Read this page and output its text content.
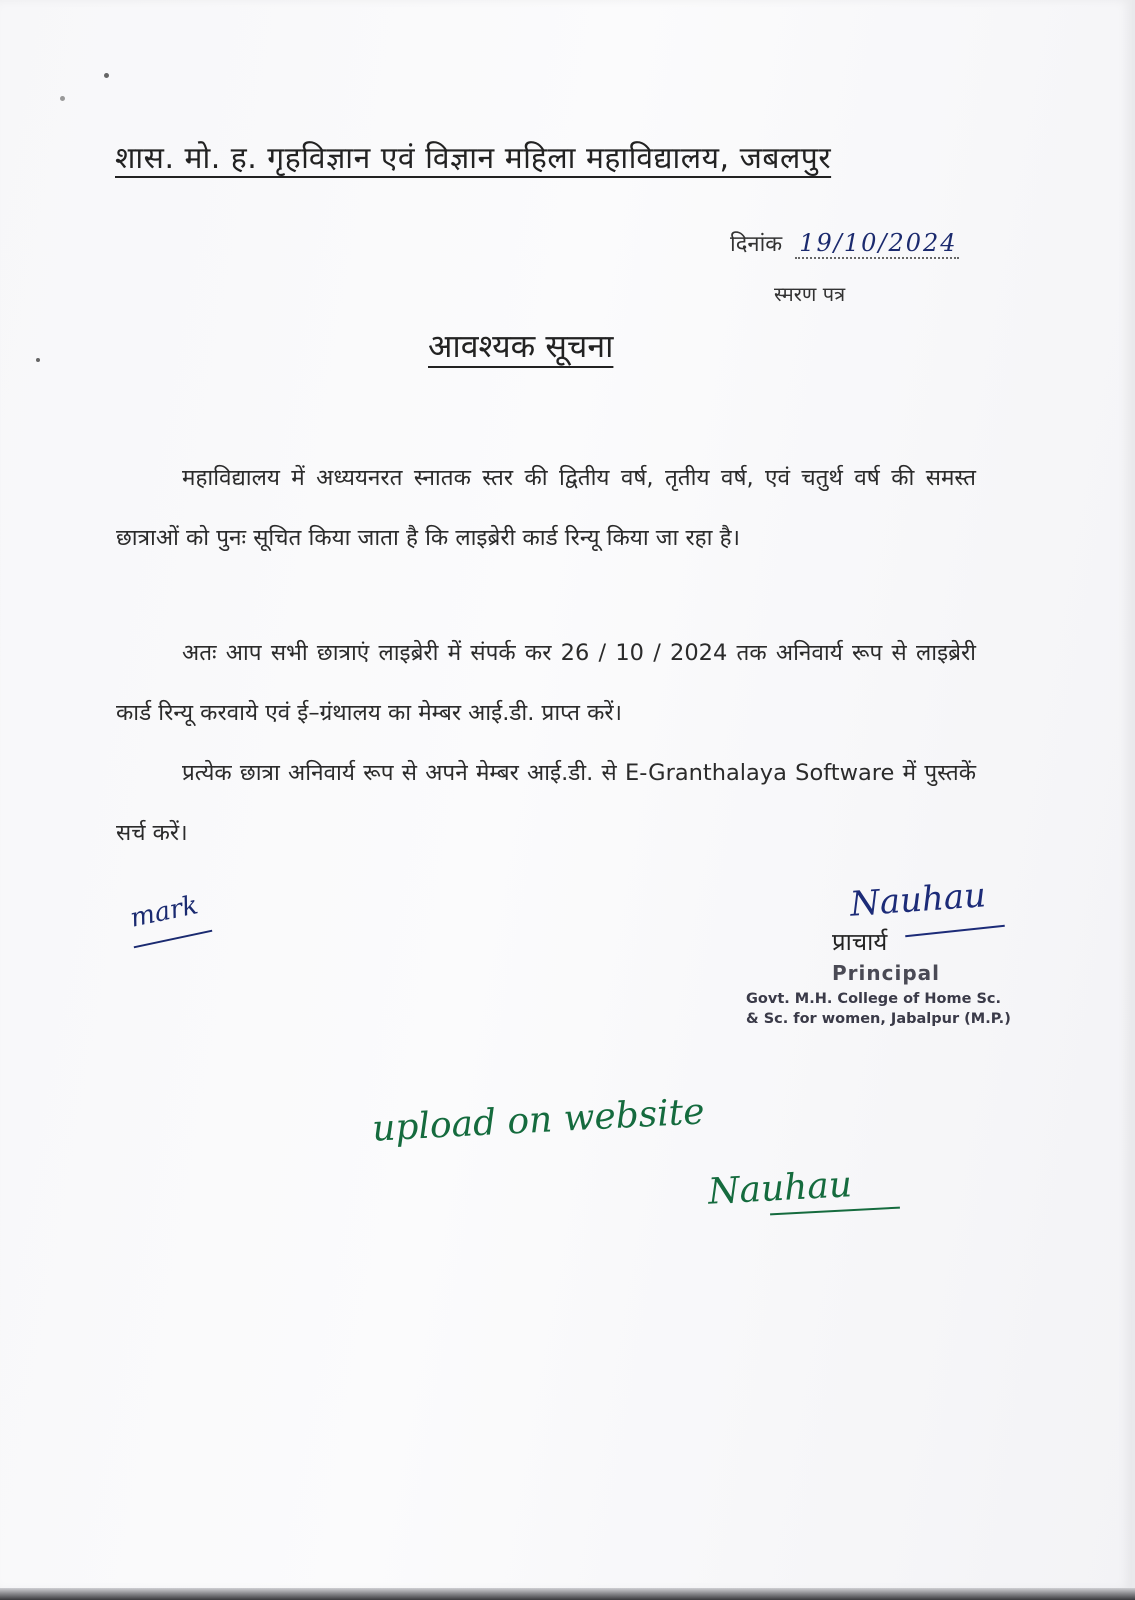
शास. मो. ह. गृहविज्ञान एवं विज्ञान महिला महाविद्यालय, जबलपुर
दिनांक 19/10/2024
स्मरण पत्र
आवश्यक सूचना

महाविद्यालय में अध्ययनरत स्नातक स्तर की द्वितीय वर्ष, तृतीय वर्ष, एवं चतुर्थ वर्ष की समस्त छात्राओं को पुनः सूचित किया जाता है कि लाइब्रेरी कार्ड रिन्यू किया जा रहा है।

अतः आप सभी छात्राएं लाइब्रेरी में संपर्क कर 26 / 10 / 2024 तक अनिवार्य रूप से लाइब्रेरी कार्ड रिन्यू करवाये एवं ई–ग्रंथालय का मेम्बर आई.डी. प्राप्त करें।

प्रत्येक छात्रा अनिवार्य रूप से अपने मेम्बर आई.डी. से E-Granthalaya Software में पुस्तकें सर्च करें।

mark	Nauhau
प्राचार्य
Principal
Govt. M.H. College of Home Sc.
& Sc. for women, Jabalpur (M.P.)
upload on website
Nauhau
